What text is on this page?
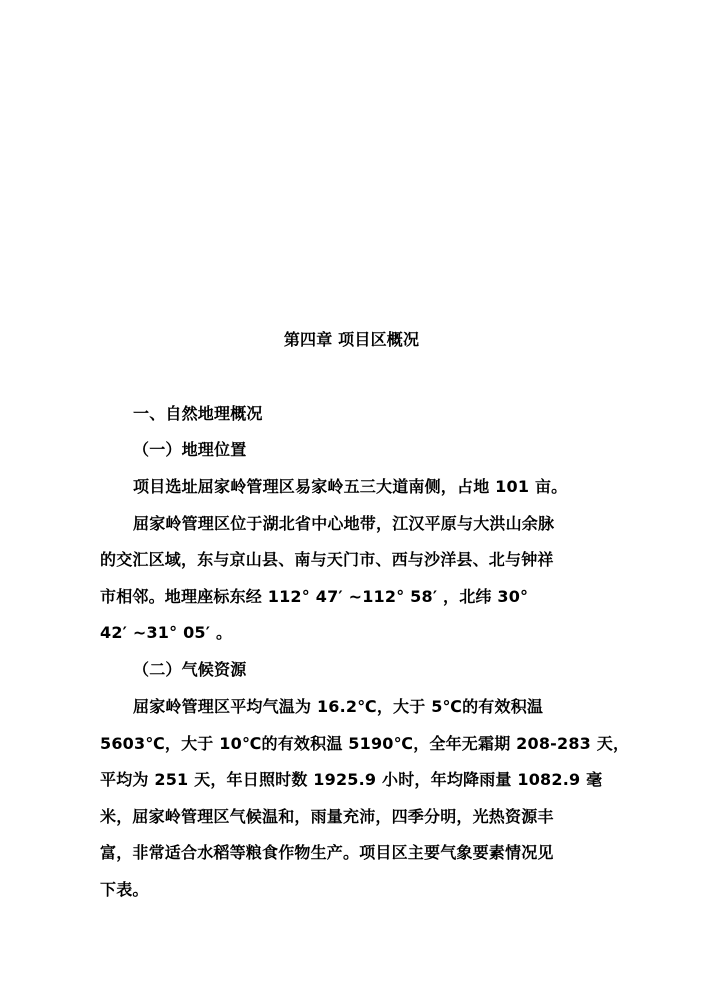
第四章 项目区概况
一、自然地理概况
（一）地理位置
项目选址屈家岭管理区易家岭五三大道南侧，占地 101 亩。
屈家岭管理区位于湖北省中心地带，江汉平原与大洪山余脉
的交汇区域，东与京山县、南与天门市、西与沙洋县、北与钟祥
市相邻。地理座标东经 112° 47′ ~112° 58′ ，北纬 30°
42′ ~31° 05′ 。
（二）气候资源
屈家岭管理区平均气温为 16.2℃，大于 5℃的有效积温
5603℃，大于 10℃的有效积温 5190℃，全年无霜期 208-283 天，
平均为 251 天，年日照时数 1925.9 小时，年均降雨量 1082.9 毫
米，屈家岭管理区气候温和，雨量充沛，四季分明，光热资源丰
富，非常适合水稻等粮食作物生产。项目区主要气象要素情况见
下表。
